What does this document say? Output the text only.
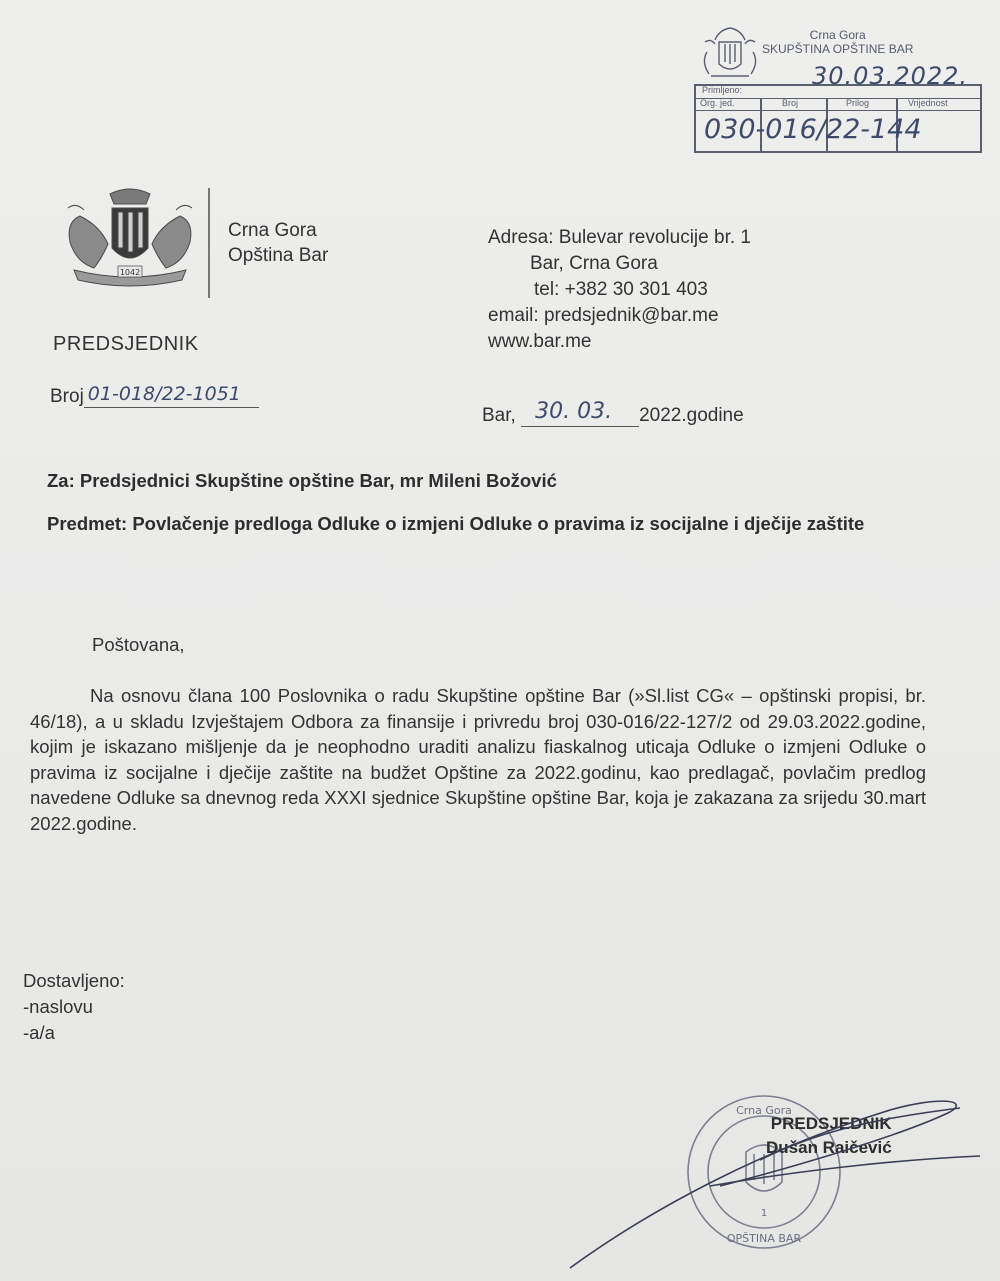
Crna Gora
SKUPŠTINA OPŠTINE BAR
Primljeno:
Org. jed.	Broj	Prilog	Vrijednost
30.03.2022.
030-016/22-144
1042
Crna Gora
Opština Bar
Adresa: Bulevar revolucije br. 1
Bar, Crna Gora
tel: +382 30 301 403
email: predsjednik@bar.me
www.bar.me
PREDSJEDNIK
Broj 01-018/22-1051
Bar, 30. 03. 2022.godine
Za: Predsjednici Skupštine opštine Bar, mr Mileni Božović
Predmet: Povlačenje predloga Odluke o izmjeni Odluke o pravima iz socijalne i dječije zaštite
Poštovana,
Na osnovu člana 100 Poslovnika o radu Skupštine opštine Bar (»Sl.list CG« – opštinski propisi, br. 46/18), a u skladu Izvještajem Odbora za finansije i privredu broj 030-016/22-127/2 od 29.03.2022.godine, kojim je iskazano mišljenje da je neophodno uraditi analizu fiaskalnog uticaja Odluke o izmjeni Odluke o pravima iz socijalne i dječije zaštite na budžet Opštine za 2022.godinu, kao predlagač, povlačim predlog navedene Odluke sa dnevnog reda XXXI sjednice Skupštine opštine Bar, koja je zakazana za srijedu 30.mart 2022.godine.
Dostavljeno:
-naslovu
-a/a
Crna Gora
OPŠTINA BAR
1
PREDSJEDNIK
Dušan Raičević
